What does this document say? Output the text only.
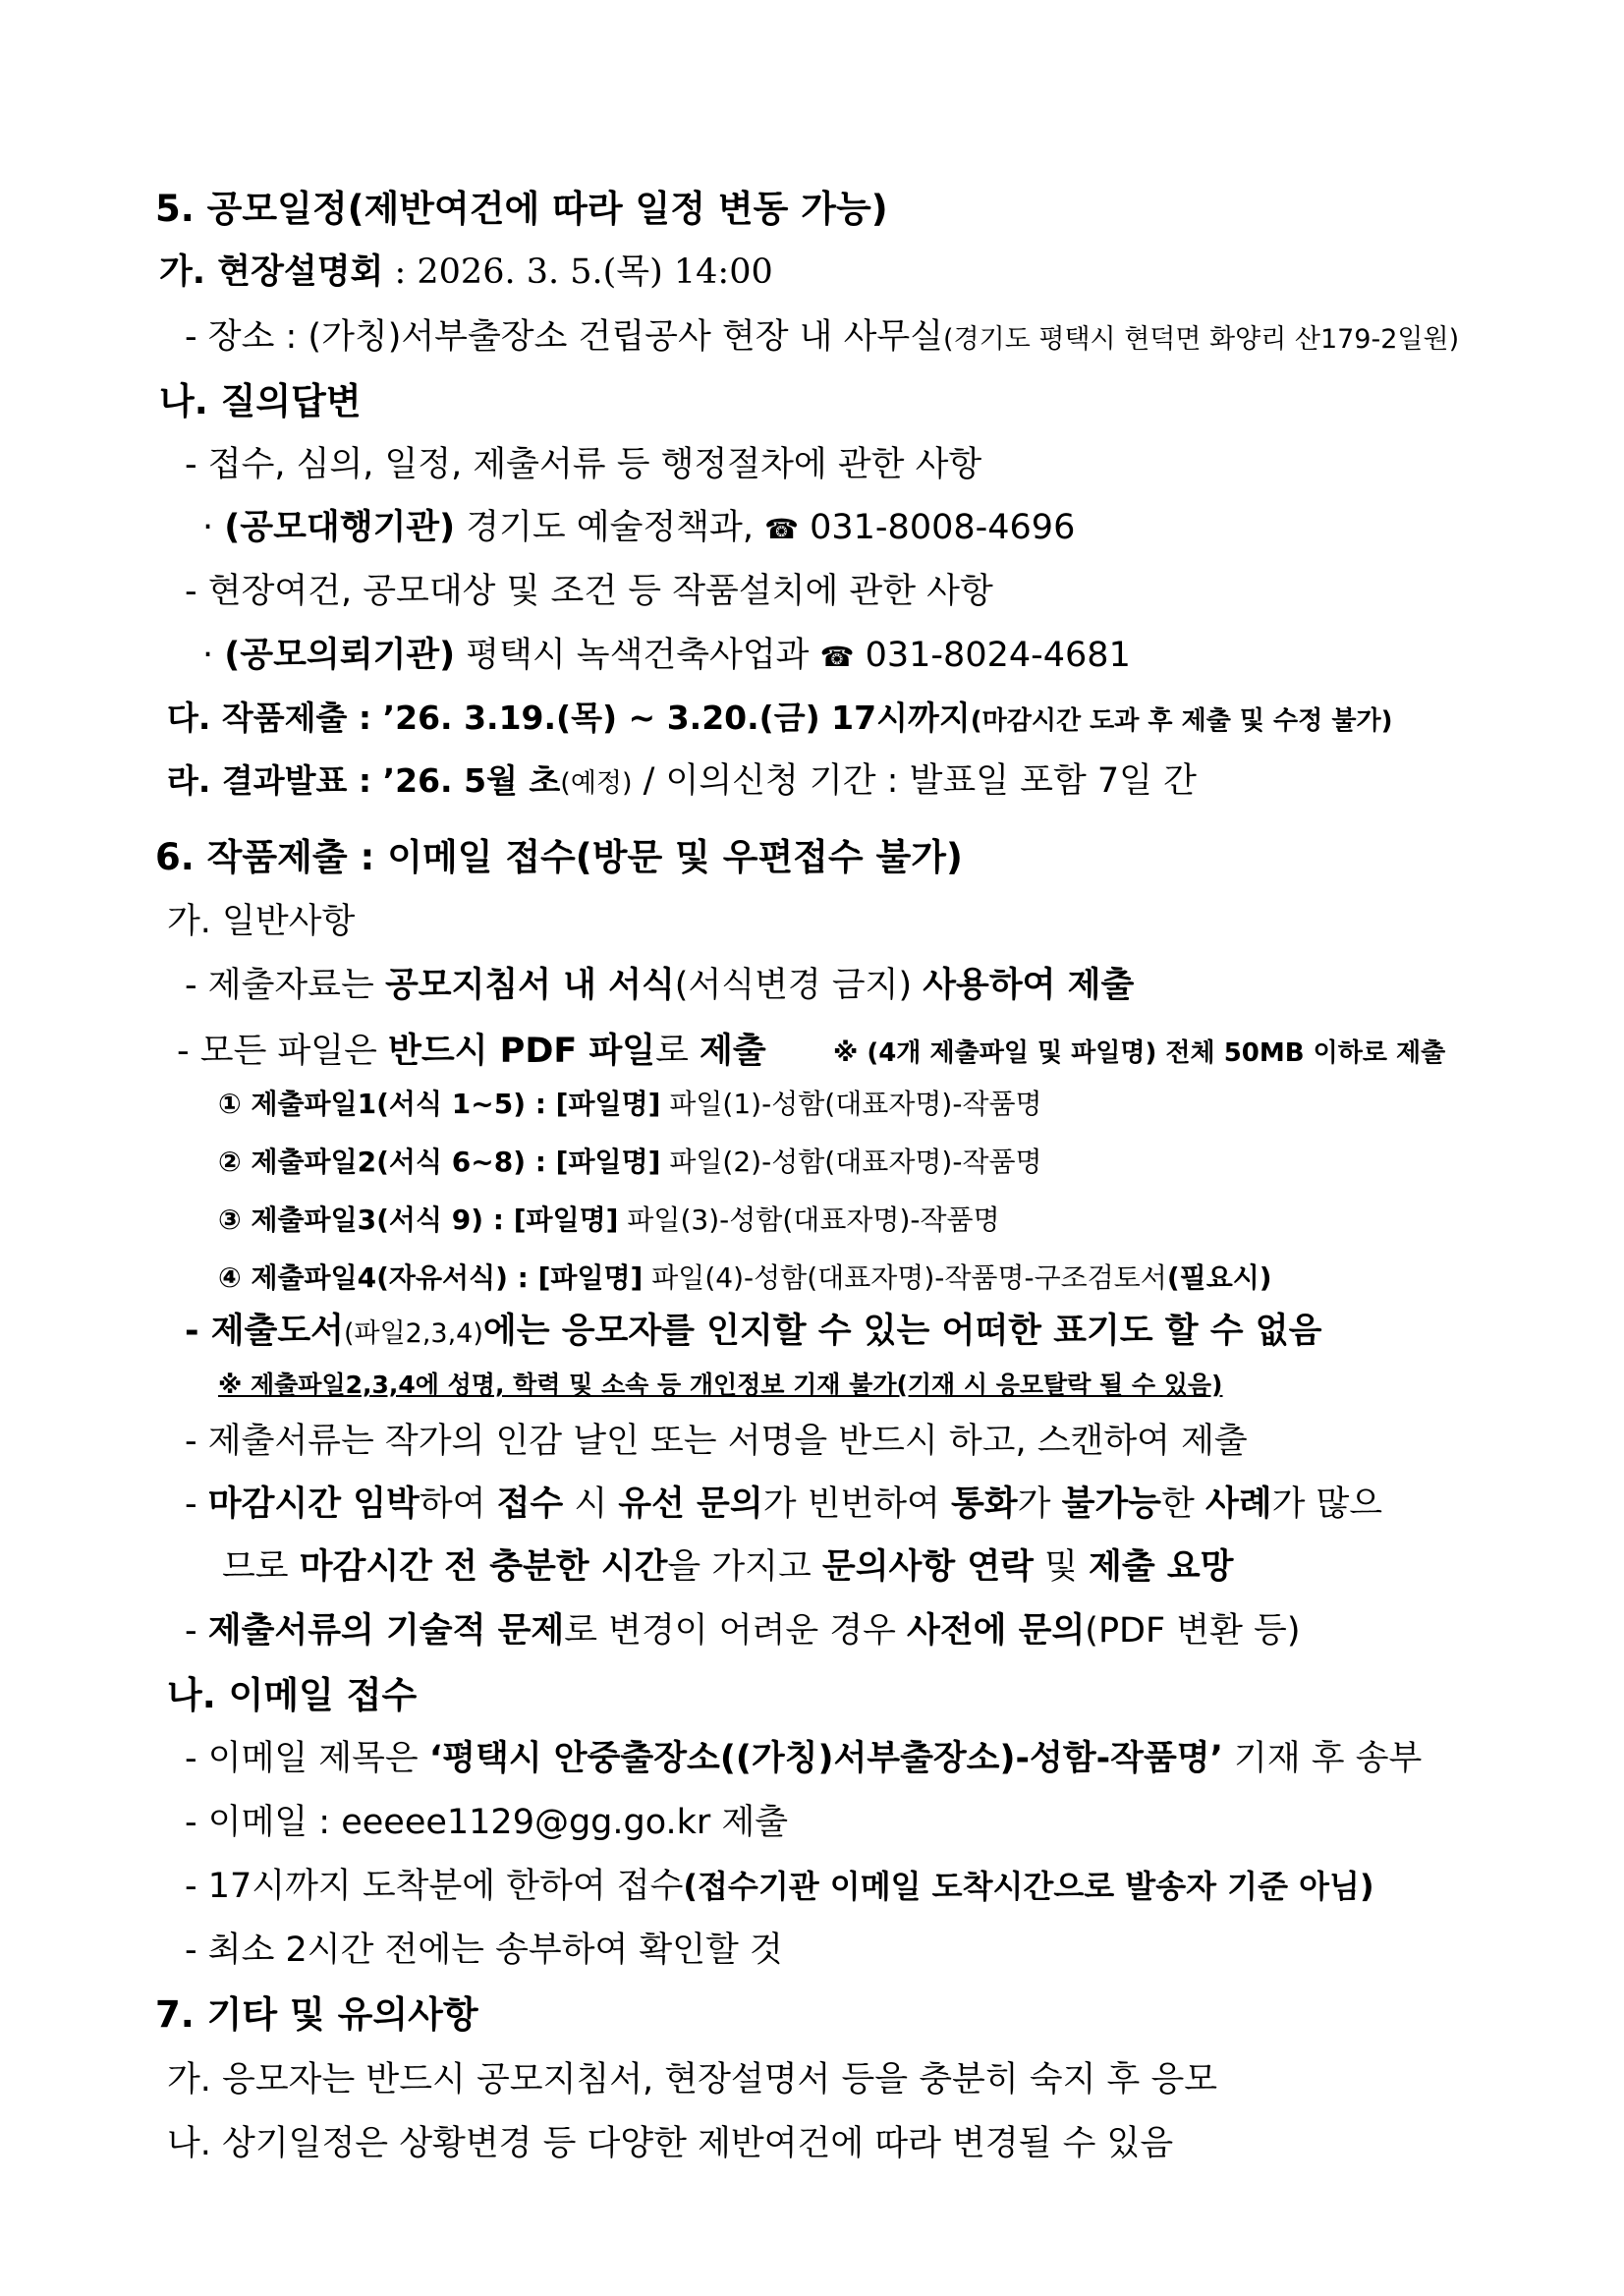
5. 공모일정(제반여건에 따라 일정 변동 가능)
가. 현장설명회 : 2026. 3. 5.(목) 14:00
- 장소 : (가칭)서부출장소 건립공사 현장 내 사무실(경기도 평택시 현덕면 화양리 산179-2일원)
나. 질의답변
- 접수, 심의, 일정, 제출서류 등 행정절차에 관한 사항
· (공모대행기관) 경기도 예술정책과, ☎ 031-8008-4696
- 현장여건, 공모대상 및 조건 등 작품설치에 관한 사항
· (공모의뢰기관) 평택시 녹색건축사업과 ☎ 031-8024-4681
다. 작품제출 : ’26. 3.19.(목) ~ 3.20.(금) 17시까지(마감시간 도과 후 제출 및 수정 불가)
라. 결과발표 : ’26. 5월 초(예정) / 이의신청 기간 : 발표일 포함 7일 간
6. 작품제출 : 이메일 접수(방문 및 우편접수 불가)
가. 일반사항
- 제출자료는 공모지침서 내 서식(서식변경 금지) 사용하여 제출
- 모든 파일은 반드시 PDF 파일로 제출	※ (4개 제출파일 및 파일명) 전체 50MB 이하로 제출
① 제출파일1(서식 1~5) : [파일명] 파일(1)-성함(대표자명)-작품명
② 제출파일2(서식 6~8) : [파일명] 파일(2)-성함(대표자명)-작품명
③ 제출파일3(서식 9) : [파일명] 파일(3)-성함(대표자명)-작품명
④ 제출파일4(자유서식) : [파일명] 파일(4)-성함(대표자명)-작품명-구조검토서(필요시)
- 제출도서(파일2,3,4)에는 응모자를 인지할 수 있는 어떠한 표기도 할 수 없음
※ 제출파일2,3,4에 성명, 학력 및 소속 등 개인정보 기재 불가(기재 시 응모탈락 될 수 있음)
- 제출서류는 작가의 인감 날인 또는 서명을 반드시 하고, 스캔하여 제출
- 마감시간 임박하여 접수 시 유선 문의가 빈번하여 통화가 불가능한 사례가 많으
므로 마감시간 전 충분한 시간을 가지고 문의사항 연락 및 제출 요망
- 제출서류의 기술적 문제로 변경이 어려운 경우 사전에 문의(PDF 변환 등)
나. 이메일 접수
- 이메일 제목은 ‘평택시 안중출장소((가칭)서부출장소)-성함-작품명’ 기재 후 송부
- 이메일 : eeeee1129@gg.go.kr 제출
- 17시까지 도착분에 한하여 접수(접수기관 이메일 도착시간으로 발송자 기준 아님)
- 최소 2시간 전에는 송부하여 확인할 것
7. 기타 및 유의사항
가. 응모자는 반드시 공모지침서, 현장설명서 등을 충분히 숙지 후 응모
나. 상기일정은 상황변경 등 다양한 제반여건에 따라 변경될 수 있음
